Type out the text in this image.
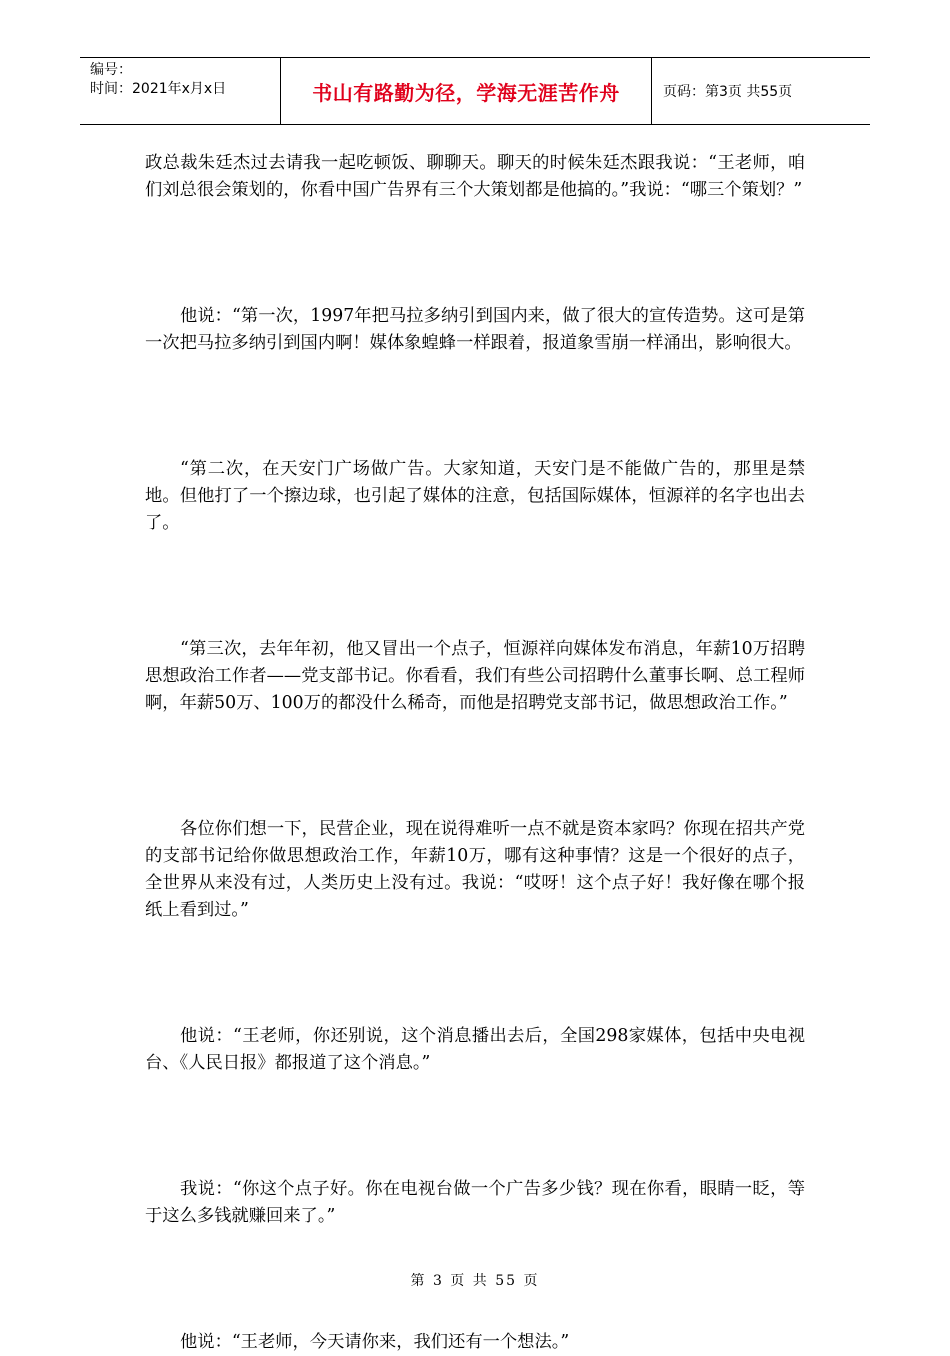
编号：
时间：2021年x月x日	书山有路勤为径，学海无涯苦作舟	页码：第3页 共55页

政总裁朱廷杰过去请我一起吃顿饭、聊聊天。聊天的时候朱廷杰跟我说：“王老师，咱们刘总很会策划的，你看中国广告界有三个大策划都是他搞的。”我说：“哪三个策划？”

他说：“第一次，1997年把马拉多纳引到国内来，做了很大的宣传造势。这可是第一次把马拉多纳引到国内啊！媒体象蝗蜂一样跟着，报道象雪崩一样涌出，影响很大。

“第二次，在天安门广场做广告。大家知道，天安门是不能做广告的，那里是禁地。但他打了一个擦边球，也引起了媒体的注意，包括国际媒体，恒源祥的名字也出去了。

“第三次，去年年初，他又冒出一个点子，恒源祥向媒体发布消息，年薪10万招聘思想政治工作者——党支部书记。你看看，我们有些公司招聘什么董事长啊、总工程师啊，年薪50万、100万的都没什么稀奇，而他是招聘党支部书记，做思想政治工作。”

各位你们想一下，民营企业，现在说得难听一点不就是资本家吗？你现在招共产党的支部书记给你做思想政治工作，年薪10万，哪有这种事情？这是一个很好的点子，全世界从来没有过，人类历史上没有过。我说：“哎呀！这个点子好！我好像在哪个报纸上看到过。”

他说：“王老师，你还别说，这个消息播出去后，全国298家媒体，包括中央电视台、《人民日报》都报道了这个消息。”

我说：“你这个点子好。你在电视台做一个广告多少钱？现在你看，眼睛一眨，等于这么多钱就赚回来了。”

他说：“王老师，今天请你来，我们还有一个想法。”

第 3 页 共 55 页
